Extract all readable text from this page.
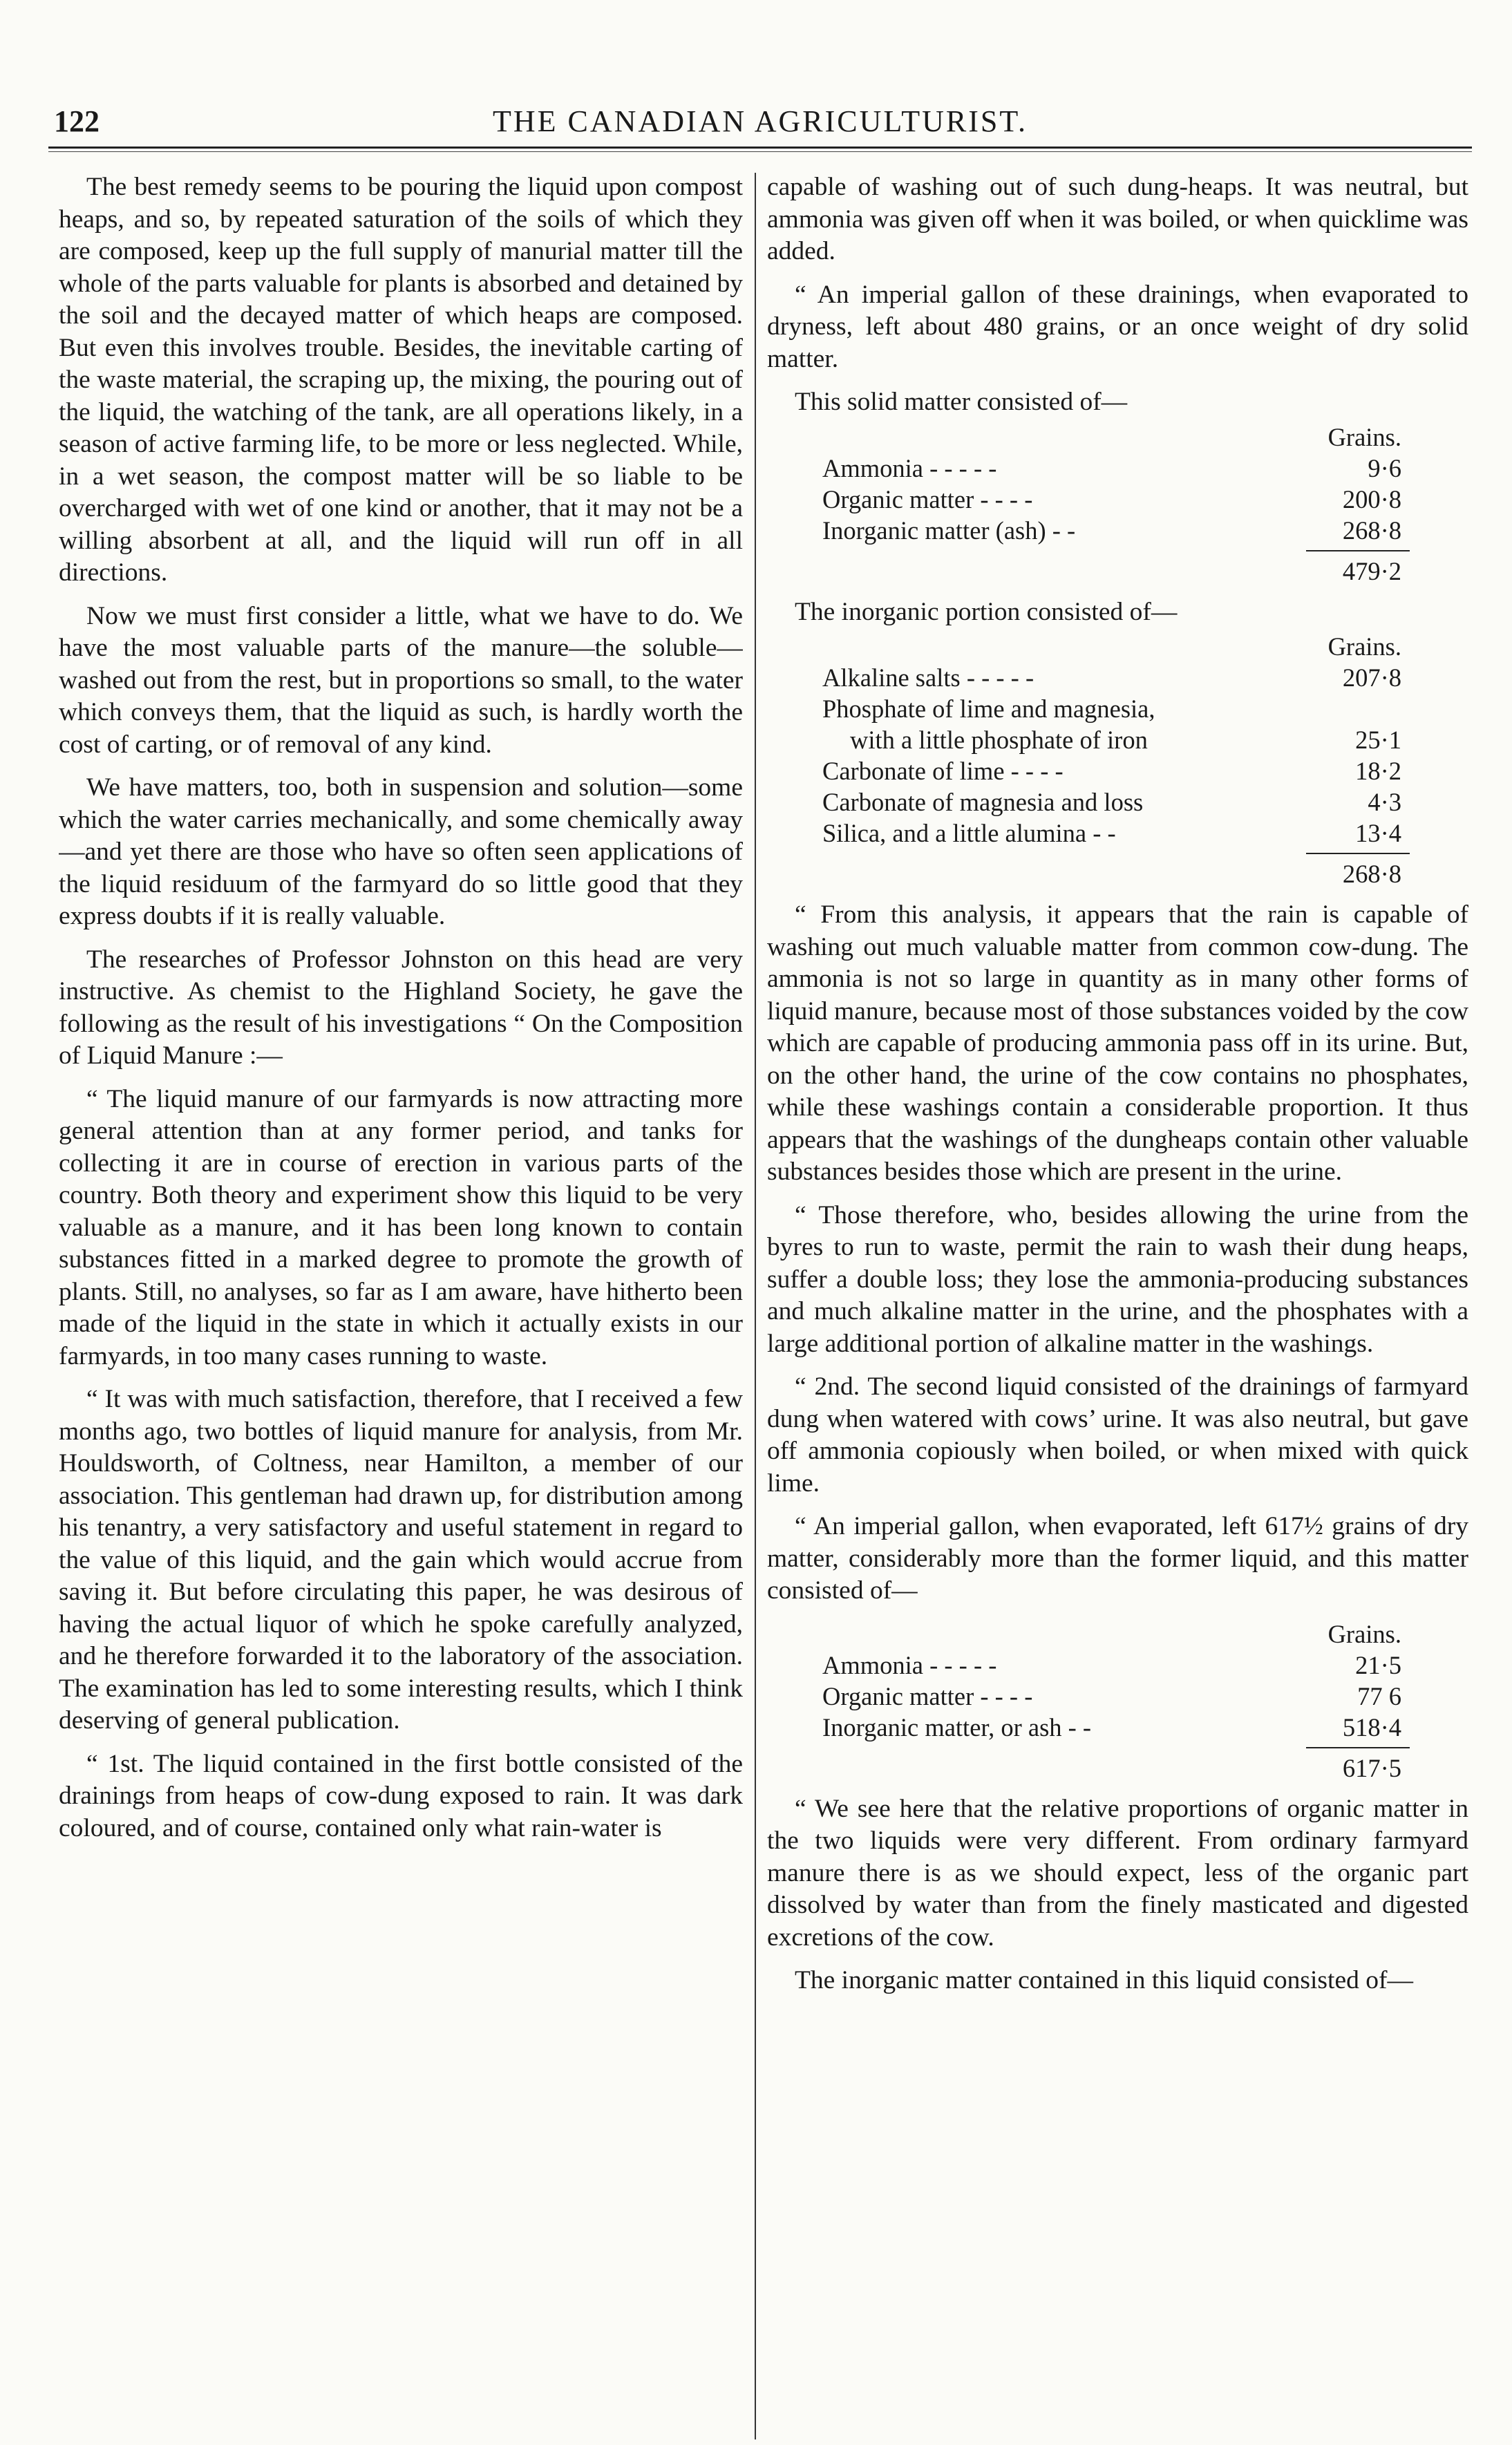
122	THE CANADIAN AGRICULTURIST.

The best remedy seems to be pouring the liquid upon compost heaps, and so, by repeated saturation of the soils of which they are composed, keep up the full supply of manurial matter till the whole of the parts valuable for plants is absorbed and detained by the soil and the decayed matter of which heaps are composed. But even this involves trouble. Besides, the inevitable carting of the waste material, the scraping up, the mixing, the pouring out of the liquid, the watching of the tank, are all operations likely, in a season of active farming life, to be more or less neglected. While, in a wet season, the compost matter will be so liable to be overcharged with wet of one kind or another, that it may not be a willing absorbent at all, and the liquid will run off in all directions.

Now we must first consider a little, what we have to do. We have the most valuable parts of the manure—the soluble—washed out from the rest, but in proportions so small, to the water which conveys them, that the liquid as such, is hardly worth the cost of carting, or of removal of any kind.

We have matters, too, both in suspension and solution—some which the water carries mechanically, and some chemically away—and yet there are those who have so often seen applications of the liquid residuum of the farmyard do so little good that they express doubts if it is really valuable.

The researches of Professor Johnston on this head are very instructive. As chemist to the Highland Society, he gave the following as the result of his investigations “ On the Composition of Liquid Manure :—

“ The liquid manure of our farmyards is now attracting more general attention than at any former period, and tanks for collecting it are in course of erection in various parts of the country. Both theory and experiment show this liquid to be very valuable as a manure, and it has been long known to contain substances fitted in a marked degree to promote the growth of plants. Still, no analyses, so far as I am aware, have hitherto been made of the liquid in the state in which it actually exists in our farmyards, in too many cases running to waste.

“ It was with much satisfaction, therefore, that I received a few months ago, two bottles of liquid manure for analysis, from Mr. Houldsworth, of Coltness, near Hamilton, a member of our association. This gentleman had drawn up, for distribution among his tenantry, a very satisfactory and useful statement in regard to the value of this liquid, and the gain which would accrue from saving it. But before circulating this paper, he was desirous of having the actual liquor of which he spoke carefully analyzed, and he therefore forwarded it to the laboratory of the association. The examination has led to some interesting results, which I think deserving of general publication.

“ 1st. The liquid contained in the first bottle consisted of the drainings from heaps of cow-dung exposed to rain. It was dark coloured, and of course, contained only what rain-water is

capable of washing out of such dung-heaps. It was neutral, but ammonia was given off when it was boiled, or when quicklime was added.

“ An imperial gallon of these drainings, when evaporated to dryness, left about 480 grains, or an once weight of dry solid matter.

This solid matter consisted of—
Grains.
Ammonia - - - - -	9·6
Organic matter - - - -	200·8
Inorganic matter (ash) - -	268·8
479·2
The inorganic portion consisted of—
Grains.
Alkaline salts - - - - -	207·8
Phosphate of lime and magnesia,
with a little phosphate of iron	25·1
Carbonate of lime - - - -	18·2
Carbonate of magnesia and loss	4·3
Silica, and a little alumina - -	13·4
268·8

“ From this analysis, it appears that the rain is capable of washing out much valuable matter from common cow-dung. The ammonia is not so large in quantity as in many other forms of liquid manure, because most of those substances voided by the cow which are capable of producing ammonia pass off in its urine. But, on the other hand, the urine of the cow contains no phosphates, while these washings contain a considerable proportion. It thus appears that the washings of the dungheaps contain other valuable substances besides those which are present in the urine.

“ Those therefore, who, besides allowing the urine from the byres to run to waste, permit the rain to wash their dung heaps, suffer a double loss; they lose the ammonia-producing substances and much alkaline matter in the urine, and the phosphates with a large additional portion of alkaline matter in the washings.

“ 2nd. The second liquid consisted of the drainings of farmyard dung when watered with cows’ urine. It was also neutral, but gave off ammonia copiously when boiled, or when mixed with quick lime.

“ An imperial gallon, when evaporated, left 617½ grains of dry matter, considerably more than the former liquid, and this matter consisted of—

Grains.
Ammonia - - - - -	21·5
Organic matter - - - -	77 6
Inorganic matter, or ash - -	518·4
617·5

“ We see here that the relative proportions of organic matter in the two liquids were very different. From ordinary farmyard manure there is as we should expect, less of the organic part dissolved by water than from the finely masticated and digested excretions of the cow.

The inorganic matter contained in this liquid consisted of—
